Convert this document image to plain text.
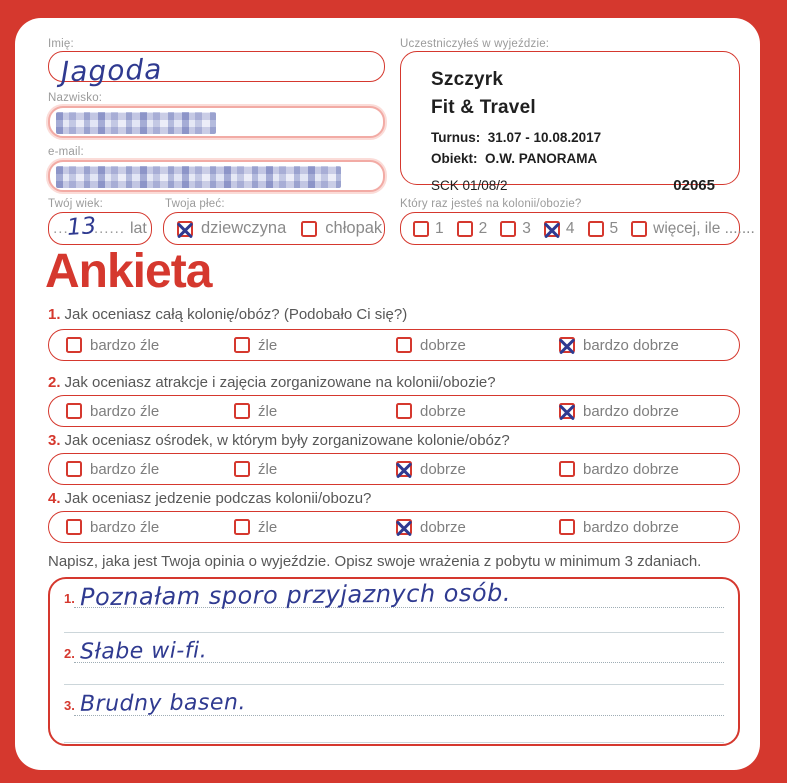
Imię:
Jagoda
Nazwisko:
e-mail:
Twój wiek:
...
13
...... lat
Twoja płeć:
dziewczyna chłopak
Uczestniczyłeś w wyjeździe:
Szczyrk
Fit & Travel
Turnus: 31.07 - 10.08.2017
Obiekt: O.W. PANORAMA
SCK 01/08/2	02065
Który raz jesteś na kolonii/obozie?
1 2 3 4 5 więcej, ile .......
Ankieta
1. Jak oceniasz całą kolonię/obóz? (Podobało Ci się?)
bardzo źle	źle	dobrze	bardzo dobrze
2. Jak oceniasz atrakcje i zajęcia zorganizowane na kolonii/obozie?
bardzo źle	źle	dobrze	bardzo dobrze
3. Jak oceniasz ośrodek, w którym były zorganizowane kolonie/obóz?
bardzo źle	źle	dobrze	bardzo dobrze
4. Jak oceniasz jedzenie podczas kolonii/obozu?
bardzo źle	źle	dobrze	bardzo dobrze
Napisz, jaka jest Twoja opinia o wyjeździe. Opisz swoje wrażenia z pobytu w minimum 3 zdaniach.
1. Poznałam sporo przyjaznych osób.
2. Słabe wi-fi.
3. Brudny basen.
